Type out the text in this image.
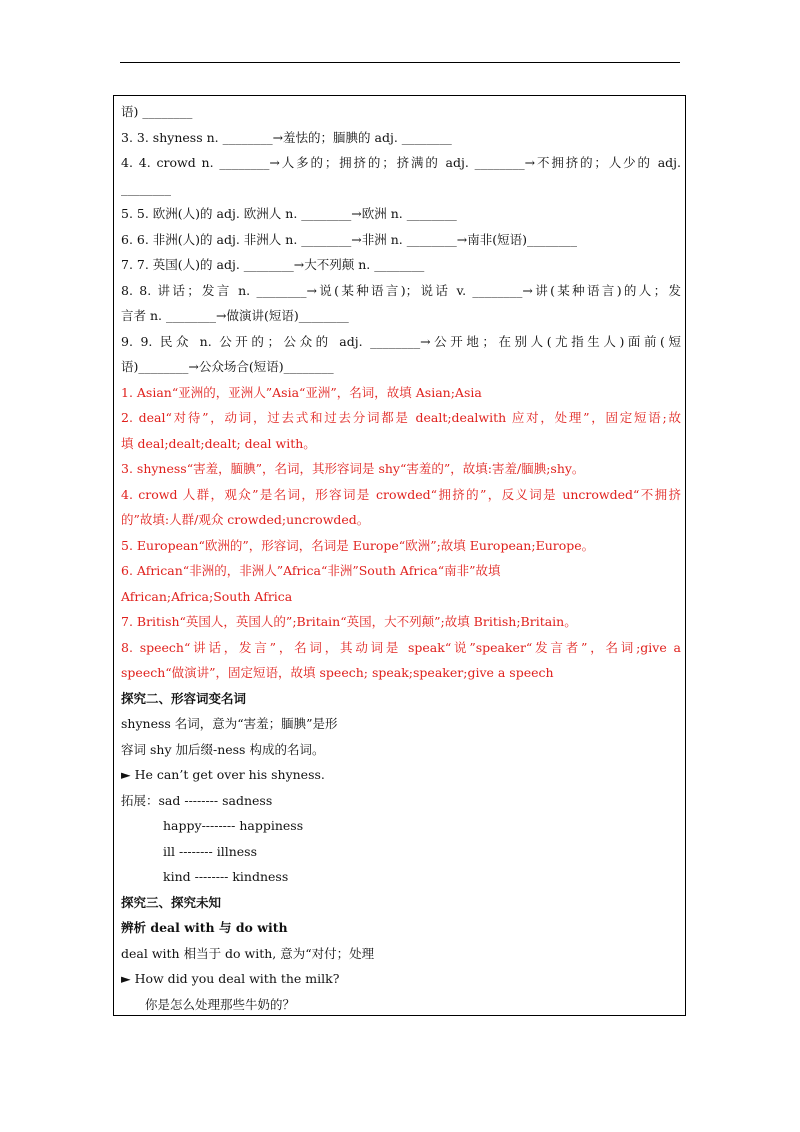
语) ________
3. 3. shyness n. ________→羞怯的；腼腆的 adj. ________
4. 4. crowd n. ________→人多的；拥挤的；挤满的 adj. ________→不拥挤的；人少的 adj.
________
5. 5. 欧洲(人)的 adj. 欧洲人 n. ________→欧洲 n. ________
6. 6. 非洲(人)的 adj. 非洲人 n. ________→非洲 n. ________→南非(短语)________
7. 7. 英国(人)的 adj. ________→大不列颠 n. ________
8. 8. 讲话；发言 n. ________→说(某种语言)；说话 v. ________→讲(某种语言)的人；发
言者 n. ________→做演讲(短语)________
9. 9. 民众 n. 公开的；公众的 adj. ________→公开地；在别人(尤指生人)面前(短
语)________→公众场合(短语)________
1. Asian“亚洲的，亚洲人”Asia“亚洲”，名词，故填 Asian;Asia
2. deal“对待”，动词，过去式和过去分词都是 dealt;dealwith 应对，处理”，固定短语;故
填 deal;dealt;dealt; deal with。
3. shyness“害羞，腼腆”，名词，其形容词是 shy“害羞的”，故填:害羞/腼腆;shy。
4. crowd 人群，观众”是名词，形容词是 crowded“拥挤的”，反义词是 uncrowded“不拥挤
的”故填:人群/观众 crowded;uncrowded。
5. European“欧洲的”，形容词，名词是 Europe“欧洲”;故填 European;Europe。
6. African“非洲的，非洲人”Africa“非洲”South Africa“南非”故填
African;Africa;South Africa
7. British“英国人，英国人的”;Britain“英国，大不列颠”;故填 British;Britain。
8. speech“讲话，发言”，名词，其动词是 speak“说”speaker“发言者”，名词;give a
speech“做演讲”，固定短语，故填 speech; speak;speaker;give a speech
探究二、形容词变名词
shyness 名词，意为“害羞；腼腆”是形
容词 shy 加后缀-ness 构成的名词。
► He can’t get over his shyness.
拓展：sad -------- sadness
happy-------- happiness
ill -------- illness
kind -------- kindness
探究三、探究未知
辨析 deal with 与 do with
deal with 相当于 do with, 意为“对付；处理
► How did you deal with the milk?
你是怎么处理那些牛奶的？
